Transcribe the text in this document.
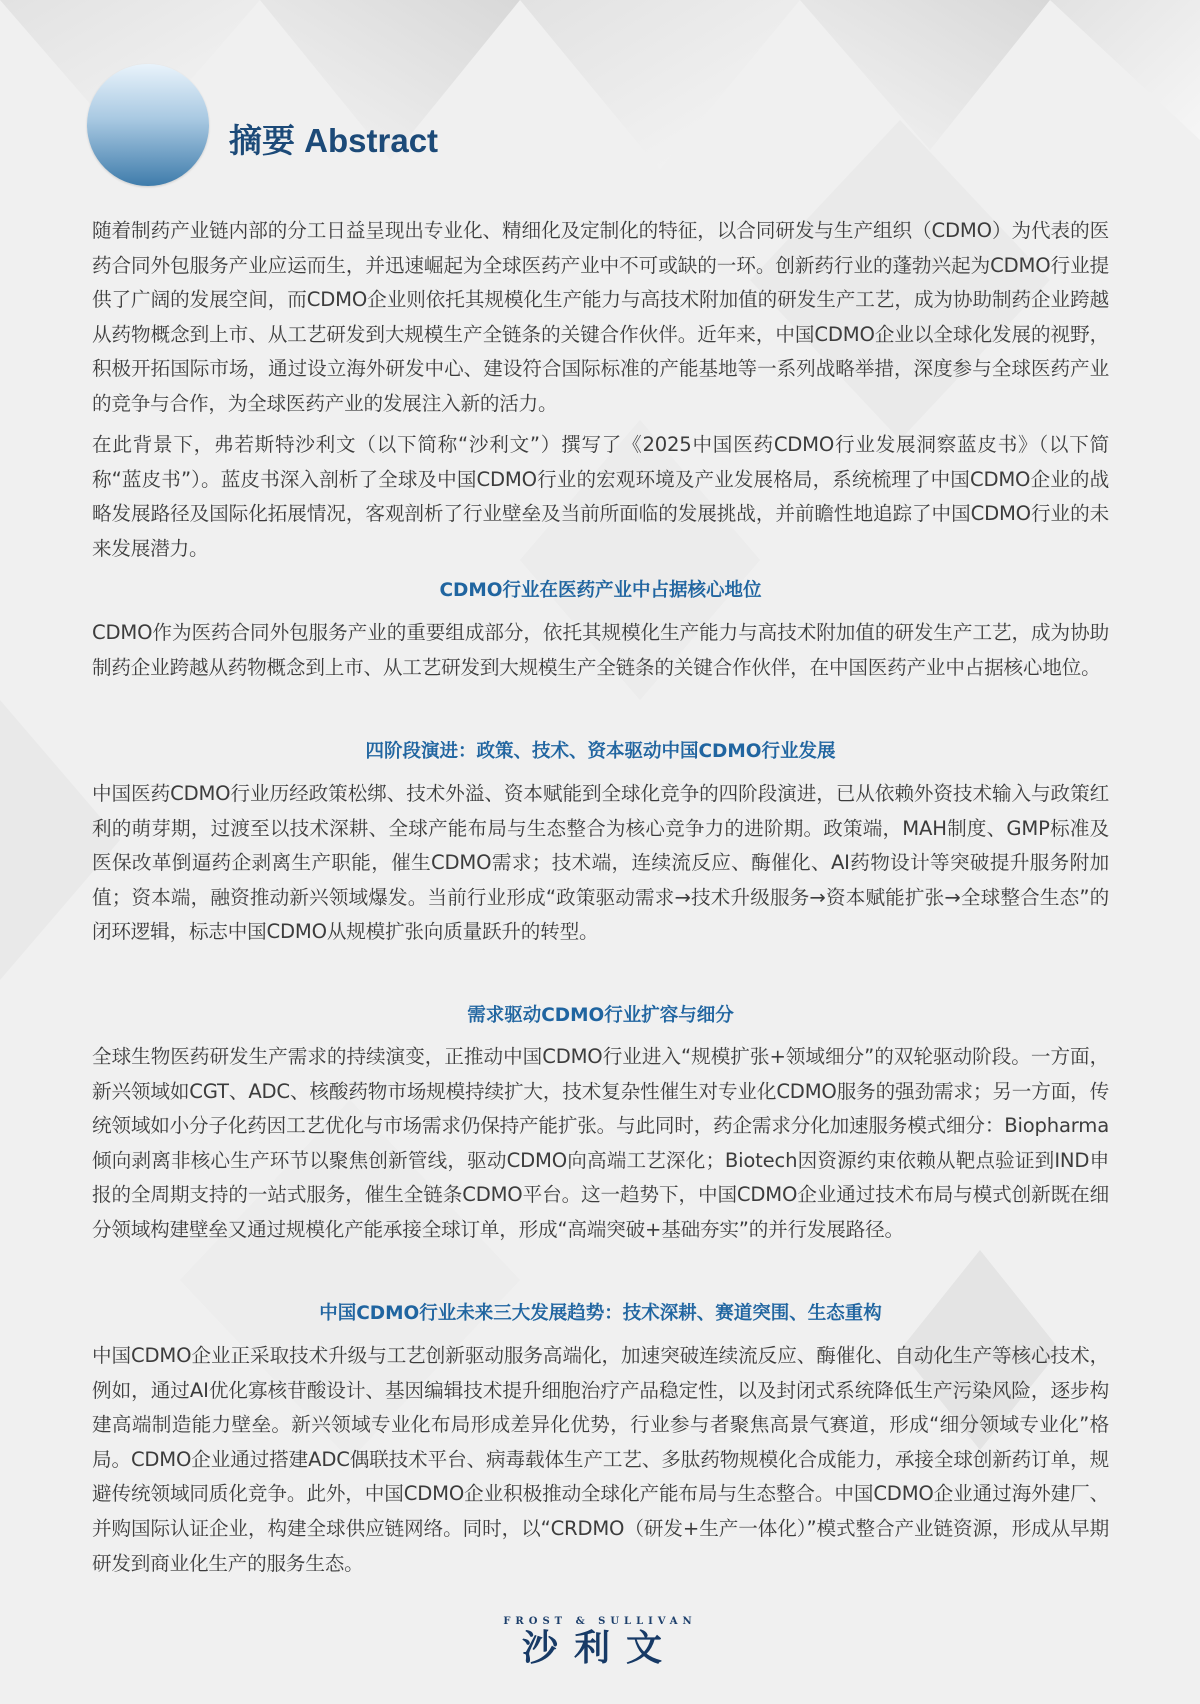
摘要 Abstract
随着制药产业链内部的分工日益呈现出专业化、精细化及定制化的特征，以合同研发与生产组织（CDMO）为代表的医药合同外包服务产业应运而生，并迅速崛起为全球医药产业中不可或缺的一环。创新药行业的蓬勃兴起为CDMO行业提供了广阔的发展空间，而CDMO企业则依托其规模化生产能力与高技术附加值的研发生产工艺，成为协助制药企业跨越从药物概念到上市、从工艺研发到大规模生产全链条的关键合作伙伴。近年来，中国CDMO企业以全球化发展的视野，积极开拓国际市场，通过设立海外研发中心、建设符合国际标准的产能基地等一系列战略举措，深度参与全球医药产业的竞争与合作，为全球医药产业的发展注入新的活力。
在此背景下，弗若斯特沙利文（以下简称“沙利文”）撰写了《2025中国医药CDMO行业发展洞察蓝皮书》（以下简称“蓝皮书”）。蓝皮书深入剖析了全球及中国CDMO行业的宏观环境及产业发展格局，系统梳理了中国CDMO企业的战略发展路径及国际化拓展情况，客观剖析了行业壁垒及当前所面临的发展挑战，并前瞻性地追踪了中国CDMO行业的未来发展潜力。
CDMO行业在医药产业中占据核心地位
CDMO作为医药合同外包服务产业的重要组成部分，依托其规模化生产能力与高技术附加值的研发生产工艺，成为协助制药企业跨越从药物概念到上市、从工艺研发到大规模生产全链条的关键合作伙伴，在中国医药产业中占据核心地位。
四阶段演进：政策、技术、资本驱动中国CDMO行业发展
中国医药CDMO行业历经政策松绑、技术外溢、资本赋能到全球化竞争的四阶段演进，已从依赖外资技术输入与政策红利的萌芽期，过渡至以技术深耕、全球产能布局与生态整合为核心竞争力的进阶期。政策端，MAH制度、GMP标准及医保改革倒逼药企剥离生产职能，催生CDMO需求；技术端，连续流反应、酶催化、AI药物设计等突破提升服务附加值；资本端，融资推动新兴领域爆发。当前行业形成“政策驱动需求→技术升级服务→资本赋能扩张→全球整合生态”的闭环逻辑，标志中国CDMO从规模扩张向质量跃升的转型。
需求驱动CDMO行业扩容与细分
全球生物医药研发生产需求的持续演变，正推动中国CDMO行业进入“规模扩张+领域细分”的双轮驱动阶段。一方面，新兴领域如CGT、ADC、核酸药物市场规模持续扩大，技术复杂性催生对专业化CDMO服务的强劲需求；另一方面，传统领域如小分子化药因工艺优化与市场需求仍保持产能扩张。与此同时，药企需求分化加速服务模式细分：Biopharma倾向剥离非核心生产环节以聚焦创新管线，驱动CDMO向高端工艺深化；Biotech因资源约束依赖从靶点验证到IND申报的全周期支持的一站式服务，催生全链条CDMO平台。这一趋势下，中国CDMO企业通过技术布局与模式创新既在细分领域构建壁垒又通过规模化产能承接全球订单，形成“高端突破+基础夯实”的并行发展路径。
中国CDMO行业未来三大发展趋势：技术深耕、赛道突围、生态重构
中国CDMO企业正采取技术升级与工艺创新驱动服务高端化，加速突破连续流反应、酶催化、自动化生产等核心技术，例如，通过AI优化寡核苷酸设计、基因编辑技术提升细胞治疗产品稳定性，以及封闭式系统降低生产污染风险，逐步构建高端制造能力壁垒。新兴领域专业化布局形成差异化优势，行业参与者聚焦高景气赛道，形成“细分领域专业化”格局。CDMO企业通过搭建ADC偶联技术平台、病毒载体生产工艺、多肽药物规模化合成能力，承接全球创新药订单，规避传统领域同质化竞争。此外，中国CDMO企业积极推动全球化产能布局与生态整合。中国CDMO企业通过海外建厂、并购国际认证企业，构建全球供应链网络。同时，以“CRDMO（研发+生产一体化）”模式整合产业链资源，形成从早期研发到商业化生产的服务生态。
FROST & SULLIVAN
沙利文
